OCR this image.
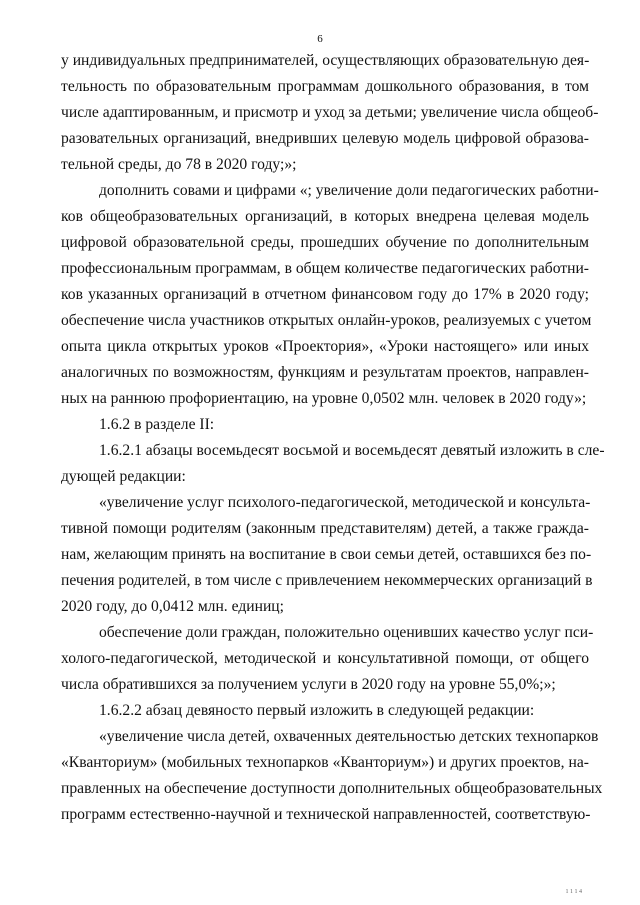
6
у индивидуальных предпринимателей, осуществляющих образовательную дея-
тельность по образовательным программам дошкольного образования, в том
числе адаптированным, и присмотр и уход за детьми; увеличение числа общеоб-
разовательных организаций, внедривших целевую модель цифровой образова-
тельной среды, до 78 в 2020 году;»;
дополнить совами и цифрами «; увеличение доли педагогических работни-
ков общеобразовательных организаций, в которых внедрена целевая модель
цифровой образовательной среды, прошедших обучение по дополнительным
профессиональным программам, в общем количестве педагогических работни-
ков указанных организаций в отчетном финансовом году до 17% в 2020 году;
обеспечение числа участников открытых онлайн-уроков, реализуемых с учетом
опыта цикла открытых уроков «Проектория», «Уроки настоящего» или иных
аналогичных по возможностям, функциям и результатам проектов, направлен-
ных на раннюю профориентацию, на уровне 0,0502 млн. человек в 2020 году»;
1.6.2 в разделе II:
1.6.2.1 абзацы восемьдесят восьмой и восемьдесят девятый изложить в сле-
дующей редакции:
«увеличение услуг психолого-педагогической, методической и консульта-
тивной помощи родителям (законным представителям) детей, а также гражда-
нам, желающим принять на воспитание в свои семьи детей, оставшихся без по-
печения родителей, в том числе с привлечением некоммерческих организаций в
2020 году, до 0,0412 млн. единиц;
обеспечение доли граждан, положительно оценивших качество услуг пси-
холого-педагогической, методической и консультативной помощи, от общего
числа обратившихся за получением услуги в 2020 году на уровне 55,0%;»;
1.6.2.2 абзац девяносто первый изложить в следующей редакции:
«увеличение числа детей, охваченных деятельностью детских технопарков
«Кванториум» (мобильных технопарков «Кванториум») и других проектов, на-
правленных на обеспечение доступности дополнительных общеобразовательных
программ естественно-научной и технической направленностей, соответствую-
1 1 1 4
